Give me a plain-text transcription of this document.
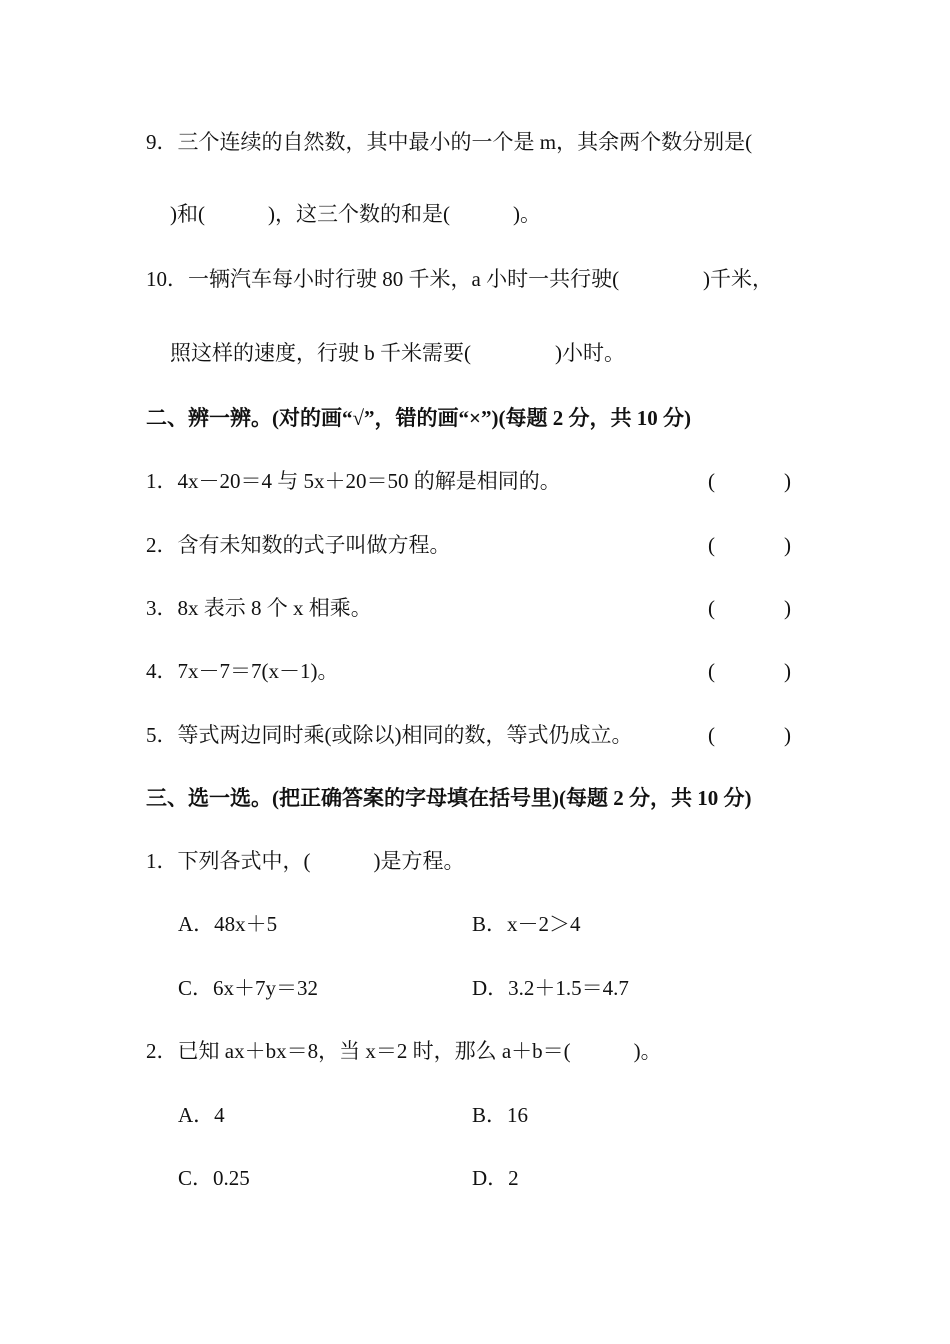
9．三个连续的自然数，其中最小的一个是 m，其余两个数分别是(
)和(　　　)，这三个数的和是(　　　)。
10．一辆汽车每小时行驶 80 千米，a 小时一共行驶(　　　　)千米，
照这样的速度，行驶 b 千米需要(　　　　)小时。
二、辨一辨。(对的画“√”，错的画“×”)(每题 2 分，共 10 分)
1．4x－20＝4 与 5x＋20＝50 的解是相同的。	(	)
2．含有未知数的式子叫做方程。	(	)
3．8x 表示 8 个 x 相乘。	(	)
4．7x－7＝7(x－1)。	(	)
5．等式两边同时乘(或除以)相同的数，等式仍成立。	(	)
三、选一选。(把正确答案的字母填在括号里)(每题 2 分，共 10 分)
1．下列各式中，(　　　)是方程。
A．48x＋5	B．x－2＞4
C．6x＋7y＝32	D．3.2＋1.5＝4.7
2．已知 ax＋bx＝8，当 x＝2 时，那么 a＋b＝(　　　)。
A．4	B．16
C．0.25	D．2
